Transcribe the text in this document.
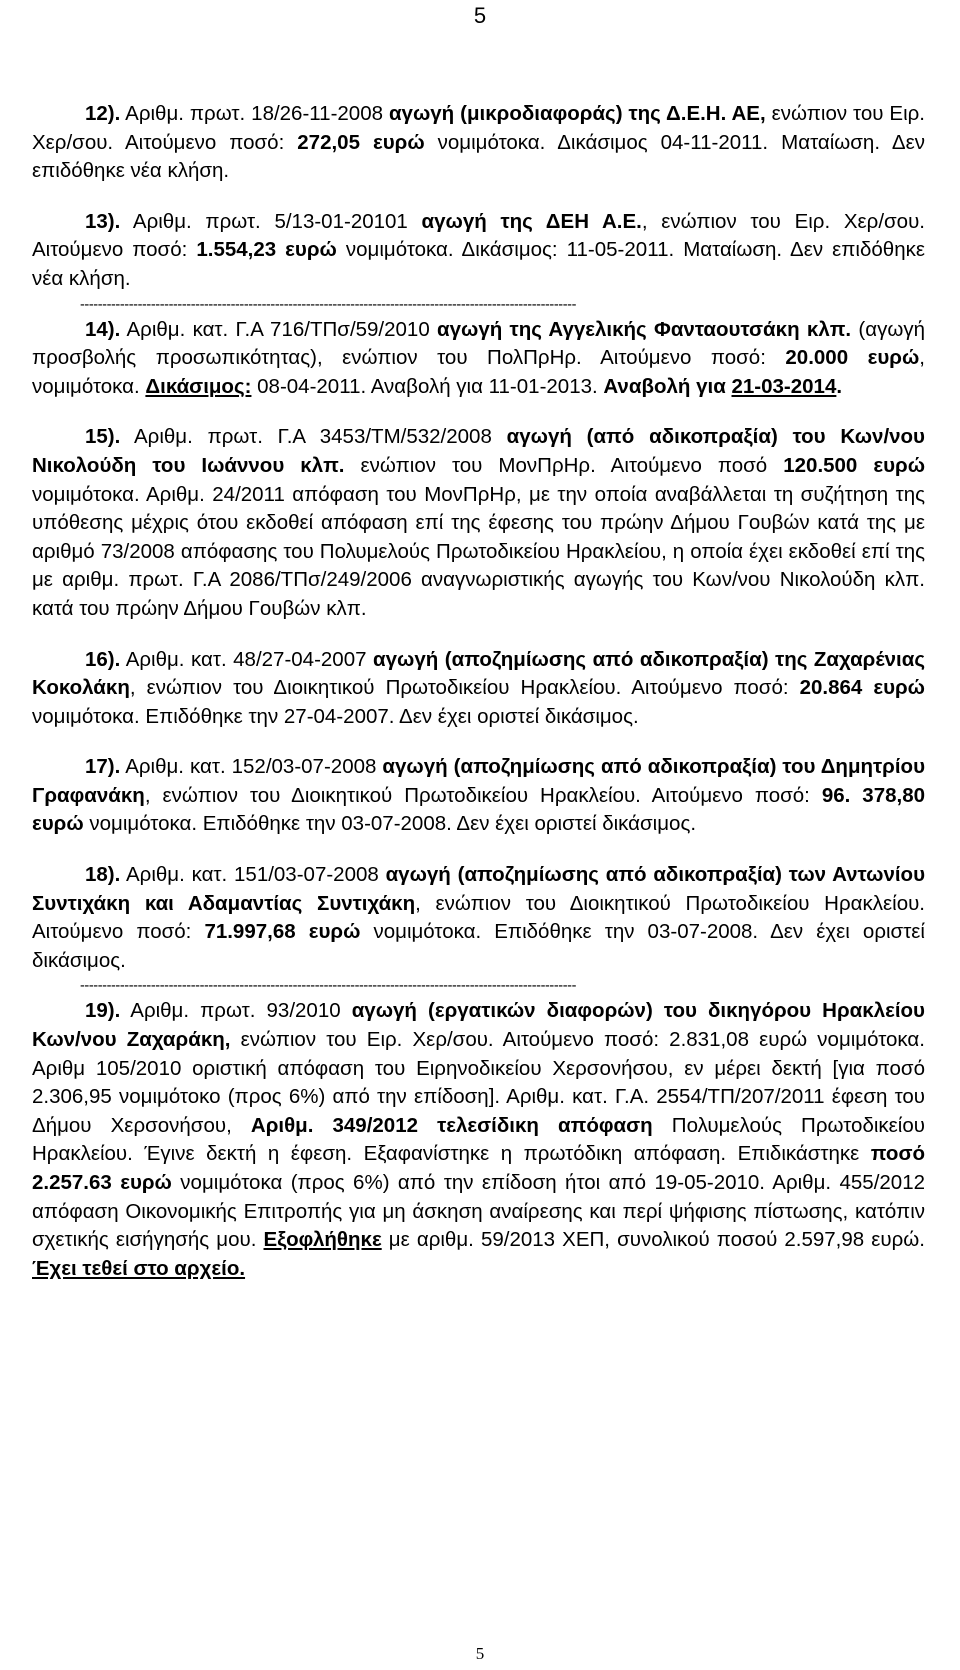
5

12). Αριθμ. πρωτ. 18/26-11-2008 αγωγή (μικροδιαφοράς) της Δ.Ε.Η. ΑΕ, ενώπιον του Ειρ. Χερ/σου. Αιτούμενο ποσό: 272,05 ευρώ νομιμότοκα. Δικάσιμος 04-11-2011. Ματαίωση. Δεν επιδόθηκε νέα κλήση.

13). Αριθμ. πρωτ. 5/13-01-20101 αγωγή της ΔΕΗ Α.Ε., ενώπιον του Ειρ. Χερ/σου. Αιτούμενο ποσό: 1.554,23 ευρώ νομιμότοκα. Δικάσιμος: 11-05-2011. Ματαίωση. Δεν επιδόθηκε νέα κλήση.

----------------------------------------------------------------------------------------------------------------

14). Αριθμ. κατ. Γ.Α 716/ΤΠσ/59/2010 αγωγή της Αγγελικής Φανταουτσάκη κλπ. (αγωγή προσβολής προσωπικότητας), ενώπιον του ΠολΠρΗρ. Αιτούμενο ποσό: 20.000 ευρώ, νομιμότοκα. Δικάσιμος: 08-04-2011. Αναβολή για 11-01-2013. Αναβολή για 21-03-2014.

15). Αριθμ. πρωτ. Γ.Α 3453/ΤΜ/532/2008 αγωγή (από αδικοπραξία) του Κων/νου Νικολούδη του Ιωάννου κλπ. ενώπιον του ΜονΠρΗρ. Αιτούμενο ποσό 120.500 ευρώ νομιμότοκα. Αριθμ. 24/2011 απόφαση του ΜονΠρΗρ, με την οποία αναβάλλεται τη συζήτηση της υπόθεσης μέχρις ότου εκδοθεί απόφαση επί της έφεσης του πρώην Δήμου Γουβών κατά της με αριθμό 73/2008 απόφασης του Πολυμελούς Πρωτοδικείου Ηρακλείου, η οποία έχει εκδοθεί επί της με αριθμ. πρωτ. Γ.Α 2086/ΤΠσ/249/2006 αναγνωριστικής αγωγής του Κων/νου Νικολούδη κλπ. κατά του πρώην Δήμου Γουβών κλπ.

16). Αριθμ. κατ. 48/27-04-2007 αγωγή (αποζημίωσης από αδικοπραξία) της Ζαχαρένιας Κοκολάκη, ενώπιον του Διοικητικού Πρωτοδικείου Ηρακλείου. Αιτούμενο ποσό: 20.864 ευρώ νομιμότοκα. Επιδόθηκε την 27-04-2007. Δεν έχει οριστεί δικάσιμος.

17). Αριθμ. κατ. 152/03-07-2008 αγωγή (αποζημίωσης από αδικοπραξία) του Δημητρίου Γραφανάκη, ενώπιον του Διοικητικού Πρωτοδικείου Ηρακλείου. Αιτούμενο ποσό: 96. 378,80 ευρώ νομιμότοκα. Επιδόθηκε την 03-07-2008. Δεν έχει οριστεί δικάσιμος.

18). Αριθμ. κατ. 151/03-07-2008 αγωγή (αποζημίωσης από αδικοπραξία) των Αντωνίου Συντιχάκη και Αδαμαντίας Συντιχάκη, ενώπιον του Διοικητικού Πρωτοδικείου Ηρακλείου. Αιτούμενο ποσό: 71.997,68 ευρώ νομιμότοκα. Επιδόθηκε την 03-07-2008. Δεν έχει οριστεί δικάσιμος.

----------------------------------------------------------------------------------------------------------------

19). Αριθμ. πρωτ. 93/2010 αγωγή (εργατικών διαφορών) του δικηγόρου Ηρακλείου Κων/νου Ζαχαράκη, ενώπιον του Ειρ. Χερ/σου. Αιτούμενο ποσό: 2.831,08 ευρώ νομιμότοκα. Αριθμ 105/2010 οριστική απόφαση του Ειρηνοδικείου Χερσονήσου, εν μέρει δεκτή [για ποσό 2.306,95 νομιμότοκο (προς 6%) από την επίδοση]. Αριθμ. κατ. Γ.Α. 2554/ΤΠ/207/2011 έφεση του Δήμου Χερσονήσου, Αριθμ. 349/2012 τελεσίδικη απόφαση Πολυμελούς Πρωτοδικείου Ηρακλείου. Έγινε δεκτή η έφεση. Εξαφανίστηκε η πρωτόδικη απόφαση. Επιδικάστηκε ποσό 2.257.63 ευρώ νομιμότοκα (προς 6%) από την επίδοση ήτοι από 19-05-2010. Αριθμ. 455/2012 απόφαση Οικονομικής Επιτροπής για μη άσκηση αναίρεσης και περί ψήφισης πίστωσης, κατόπιν σχετικής εισήγησής μου. Εξοφλήθηκε με αριθμ. 59/2013 ΧΕΠ, συνολικού ποσού 2.597,98 ευρώ. Έχει τεθεί στο αρχείο.

5
